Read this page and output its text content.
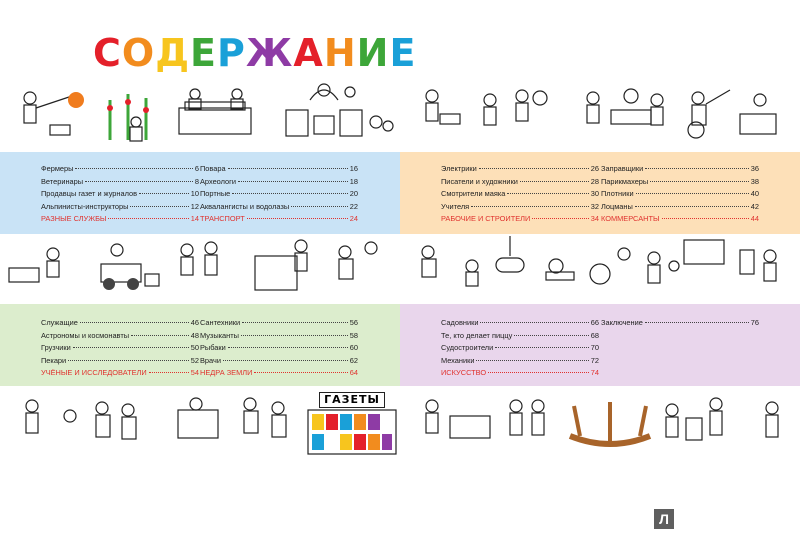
СОДЕРЖАНИЕ
Фермеры	6
Ветеринары	8
Продавцы газет и журналов	10
Альпинисты-инструкторы	12
РАЗНЫЕ СЛУЖБЫ	14
Повара	16
Археологи	18
Портные	20
Аквалангисты и водолазы	22
ТРАНСПОРТ	24
Электрики	26
Писатели и художники	28
Смотрители маяка	30
Учителя	32
РАБОЧИЕ И СТРОИТЕЛИ	34
Заправщики	36
Парикмахеры	38
Плотники	40
Лоцманы	42
КОММЕРСАНТЫ	44
Служащие	46
Астрономы и космонавты	48
Грузчики	50
Пекари	52
УЧЁНЫЕ И ИССЛЕДОВАТЕЛИ	54
Сантехники	56
Музыканты	58
Рыбаки	60
Врачи	62
НЕДРА ЗЕМЛИ	64
Садовники	66
Те, кто делает пиццу	68
Судостроители	70
Механики	72
ИСКУССТВО	74
Заключение	76
СЛоН
ГАЗЕТЫ
Л
